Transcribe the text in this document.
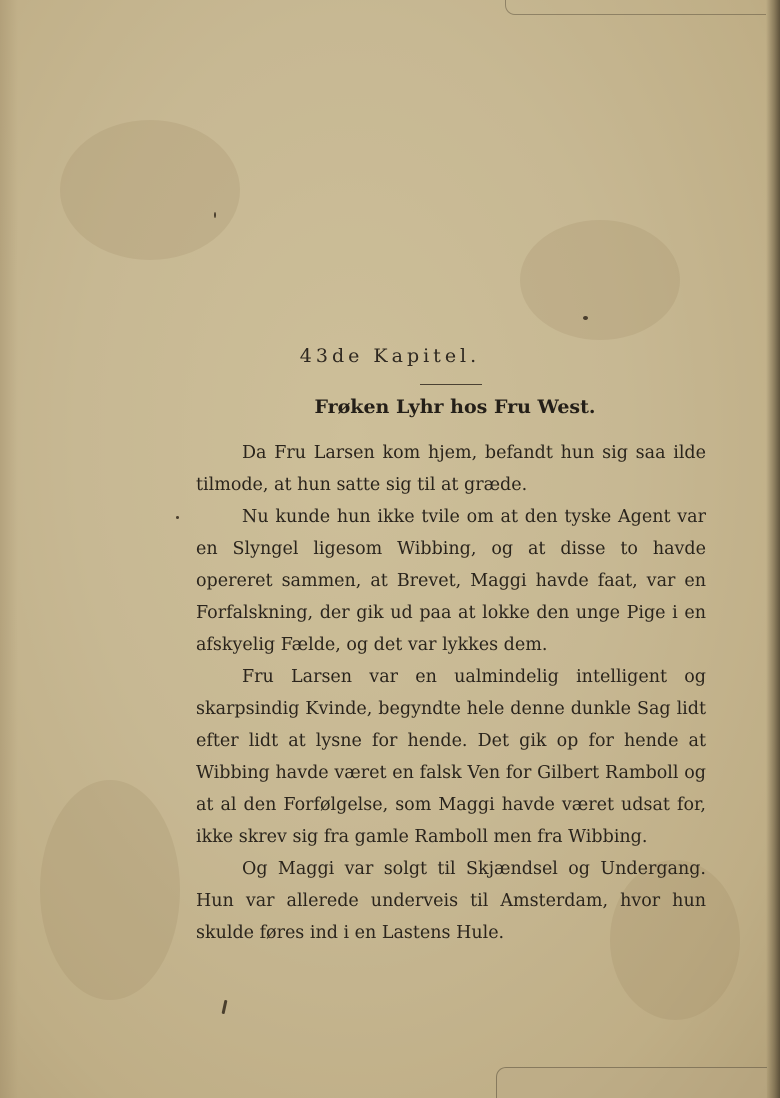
43de Kapitel.
Frøken Lyhr hos Fru West.

Da Fru Larsen kom hjem, befandt hun sig saa ilde tilmode, at hun satte sig til at græde.

Nu kunde hun ikke tvile om at den tyske Agent var en Slyngel ligesom Wibbing, og at disse to havde opereret sammen, at Brevet, Maggi havde faat, var en Forfalskning, der gik ud paa at lokke den unge Pige i en afskyelig Fælde, og det var lykkes dem.

Fru Larsen var en ualmindelig intelligent og skarpsindig Kvinde, begyndte hele denne dunkle Sag lidt efter lidt at lysne for hende. Det gik op for hende at Wibbing havde været en falsk Ven for Gilbert Ramboll og at al den Forfølgelse, som Maggi havde været udsat for, ikke skrev sig fra gamle Ramboll men fra Wibbing.

Og Maggi var solgt til Skjændsel og Undergang. Hun var allerede underveis til Amsterdam, hvor hun skulde føres ind i en Lastens Hule.
